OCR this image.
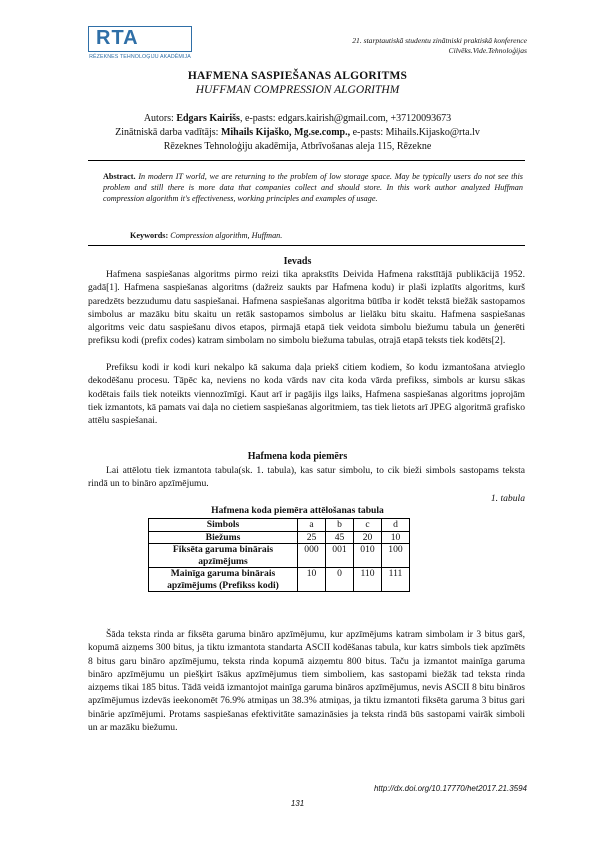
RTA
RĒZEKNES TEHNOLOĢIJU AKADĒMIJA
21. starptautiskā studentu zinātniski praktiskā konference
Cilvēks.Vide.Tehnoloģijas
HAFMENA SASPIEŠANAS ALGORITMS
HUFFMAN COMPRESSION ALGORITHM
Autors: Edgars Kairišs, e-pasts: edgars.kairish@gmail.com, +37120093673
Zinātniskā darba vadītājs: Mihails Kijaško, Mg.se.comp., e-pasts: Mihails.Kijasko@rta.lv
Rēzeknes Tehnoloģiju akadēmija, Atbrīvošanas aleja 115, Rēzekne
Abstract. In modern IT world, we are returning to the problem of low storage space. May be typically users do not see this problem and still there is more data that companies collect and should store. In this work author analyzed Huffman compression algorithm it's effectiveness, working principles and examples of usage.
Keywords: Compression algorithm, Huffman.
Ievads

Hafmena saspiešanas algoritms pirmo reizi tika aprakstīts Deivida Hafmena rakstītājā publikācijā 1952. gadā[1]. Hafmena saspiešanas algoritms (dažreiz saukts par Hafmena kodu) ir plaši izplatīts algoritms, kurš paredzēts bezzudumu datu saspiešanai. Hafmena saspiešanas algoritma būtība ir kodēt tekstā biežāk sastopamos simbolus ar mazāku bitu skaitu un retāk sastopamos simbolus ar lielāku bitu skaitu. Hafmena saspiešanas algoritms veic datu saspiešanu divos etapos, pirmajā etapā tiek veidota simbolu biežumu tabula un ģenerēti prefiksu kodi (prefix codes) katram simbolam no simbolu biežuma tabulas, otrajā etapā teksts tiek kodēts[2].

Prefiksu kodi ir kodi kuri nekalpo kā sakuma daļa priekš citiem kodiem, šo kodu izmantošana atvieglo dekodēšanu procesu. Tāpēc ka, neviens no koda vārds nav cita koda vārda prefikss, simbols ar kursu sākas kodētais fails tiek noteikts viennozīmīgi. Kaut arī ir pagājis ilgs laiks, Hafmena saspiešanas algoritms joprojām tiek izmantots, kā pamats vai daļa no cietiem saspiešanas algoritmiem, tas tiek lietots arī JPEG algoritmā grafisko attēlu saspiešanai.

Hafmena koda piemērs

Lai attēlotu tiek izmantota tabula(sk. 1. tabula), kas satur simbolu, to cik bieži simbols sastopams teksta rindā un to bināro apzīmējumu.

1. tabula
Hafmena koda piemēra attēlošanas tabula
Simbols	a	b	c	d
Biežums	25	45	20	10
Fiksēta garuma binārais apzīmējums	000	001	010	100
Mainīga garuma binārais apzīmējums (Prefikss kodi)	10	0	110	111

Šāda teksta rinda ar fiksēta garuma bināro apzīmējumu, kur apzīmējums katram simbolam ir 3 bitus garš, kopumā aizņems 300 bitus, ja tiktu izmantota standarta ASCII kodēšanas tabula, kur katrs simbols tiek apzīmēts 8 bitus garu bināro apzīmējumu, teksta rinda kopumā aizņemtu 800 bitus. Taču ja izmantot mainīga garuma bināro apzīmējumu un piešķirt īsākus apzīmējumus tiem simboliem, kas sastopami biežāk tad teksta rinda aizņems tikai 185 bitus. Tādā veidā izmantojot mainīga garuma bināros apzīmējumus, nevis ASCII 8 bitu bināros apzīmējumus izdevās ieekonomēt 76.9% atmiņas un 38.3% atmiņas, ja tiktu izmantoti fiksēta garuma 3 bitus gari binārie apzīmējumi. Protams saspiešanas efektivitāte samazināsies ja teksta rindā būs sastopami vairāk simboli un ar mazāku biežumu.

http://dx.doi.org/10.17770/het2017.21.3594
131
